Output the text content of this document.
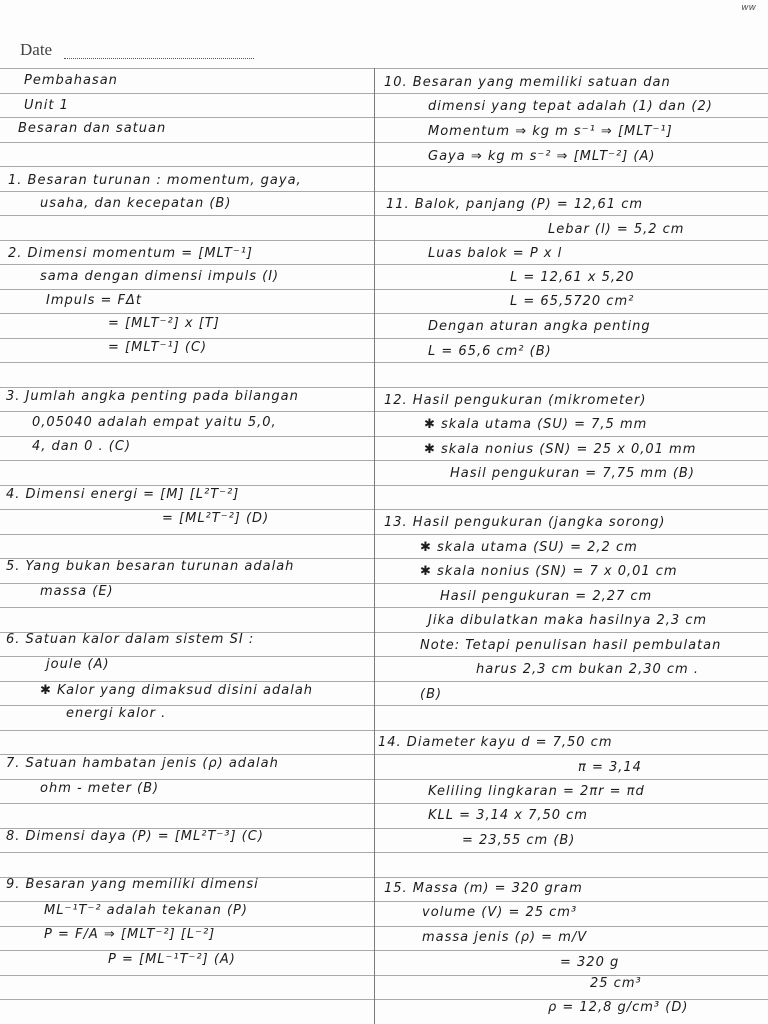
ww
Date
Pembahasan
Unit 1
Besaran dan satuan
1. Besaran turunan : momentum, gaya,
usaha, dan kecepatan (B)
2. Dimensi momentum = [MLT⁻¹]
sama dengan dimensi impuls (I)
Impuls = FΔt
= [MLT⁻²] x [T]
= [MLT⁻¹] (C)
3. Jumlah angka penting pada bilangan
0,05040 adalah empat yaitu 5,0,
4, dan 0 . (C)
4. Dimensi energi = [M] [L²T⁻²]
= [ML²T⁻²] (D)
5. Yang bukan besaran turunan adalah
massa (E)
6. Satuan kalor dalam sistem SI :
joule (A)
✱ Kalor yang dimaksud disini adalah
energi kalor .
7. Satuan hambatan jenis (ρ) adalah
ohm - meter (B)
8. Dimensi daya (P) = [ML²T⁻³] (C)
9. Besaran yang memiliki dimensi
ML⁻¹T⁻² adalah tekanan (P)
P = F/A ⇒ [MLT⁻²] [L⁻²]
P = [ML⁻¹T⁻²] (A)
10. Besaran yang memiliki satuan dan
dimensi yang tepat adalah (1) dan (2)
Momentum ⇒ kg m s⁻¹ ⇒ [MLT⁻¹]
Gaya ⇒ kg m s⁻² ⇒ [MLT⁻²] (A)
11. Balok, panjang (P) = 12,61 cm
Lebar (l) = 5,2 cm
Luas balok = P x l
L = 12,61 x 5,20
L = 65,5720 cm²
Dengan aturan angka penting
L = 65,6 cm² (B)
12. Hasil pengukuran (mikrometer)
✱ skala utama (SU) = 7,5 mm
✱ skala nonius (SN) = 25 x 0,01 mm
Hasil pengukuran = 7,75 mm (B)
13. Hasil pengukuran (jangka sorong)
✱ skala utama (SU) = 2,2 cm
✱ skala nonius (SN) = 7 x 0,01 cm
Hasil pengukuran = 2,27 cm
Jika dibulatkan maka hasilnya 2,3 cm
Note: Tetapi penulisan hasil pembulatan
harus 2,3 cm bukan 2,30 cm .
(B)
14. Diameter kayu d = 7,50 cm
π = 3,14
Keliling lingkaran = 2πr = πd
KLL = 3,14 x 7,50 cm
= 23,55 cm (B)
15. Massa (m) = 320 gram
volume (V) = 25 cm³
massa jenis (ρ) = m/V
= 320 g
25 cm³
ρ = 12,8 g/cm³ (D)
